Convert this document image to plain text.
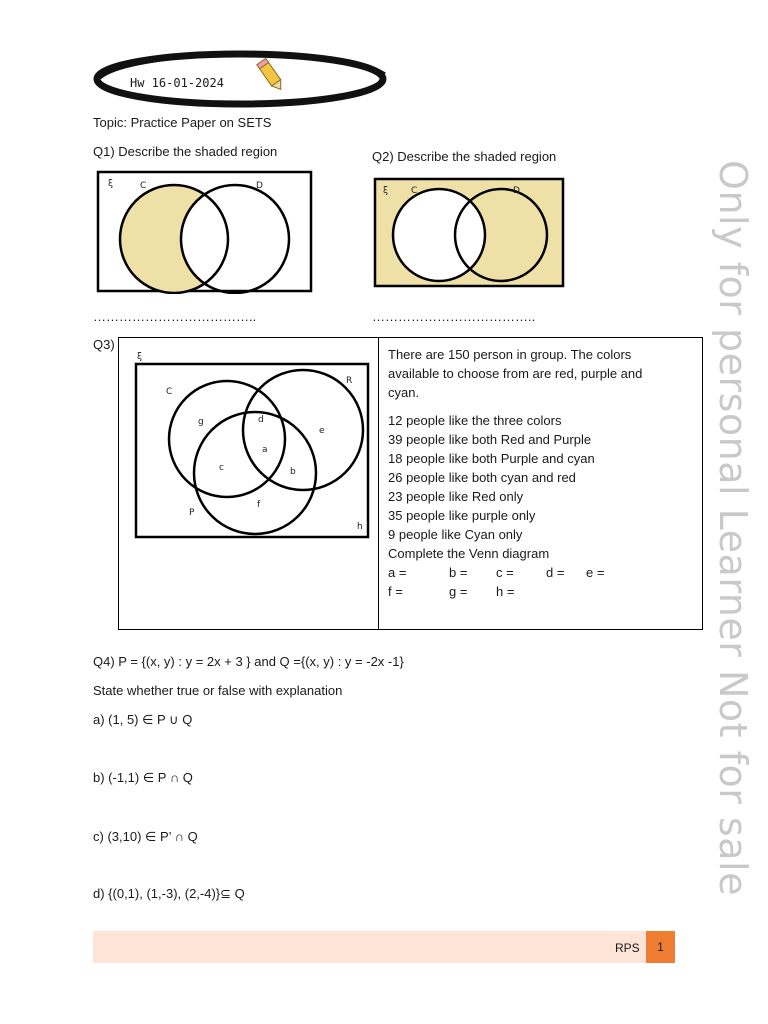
Hw 16-01-2024
Topic: Practice Paper on SETS
Q1) Describe the shaded region
ξ	C	D
………………………………..
Q2) Describe the shaded region
ξ	C	D
………………………………..
Q3)
ξ
C
R
P
g	d
e
a
c	b
f
h
There are 150 person in group. The colors
available to choose from are red, purple and
cyan.
12 people like the three colors
39 people like both Red and Purple
18 people like both Purple and cyan
26 people like both cyan and red
23 people like Red only
35 people like purple only
9 people like Cyan only
Complete the Venn diagram
a =	b = c = d = e =
f =	g = h =
Q4) P = {(x, y) : y = 2x + 3 } and Q ={(x, y) : y = -2x -1}
State whether true or false with explanation
a) (1, 5) ∈ P ∪ Q
b) (-1,1) ∈ P ∩ Q
c) (3,10) ∈ P’ ∩ Q
d) {(0,1), (1,-3), (2,-4)}⊆ Q	Only for personal Learner Not for sale
RPS	1
